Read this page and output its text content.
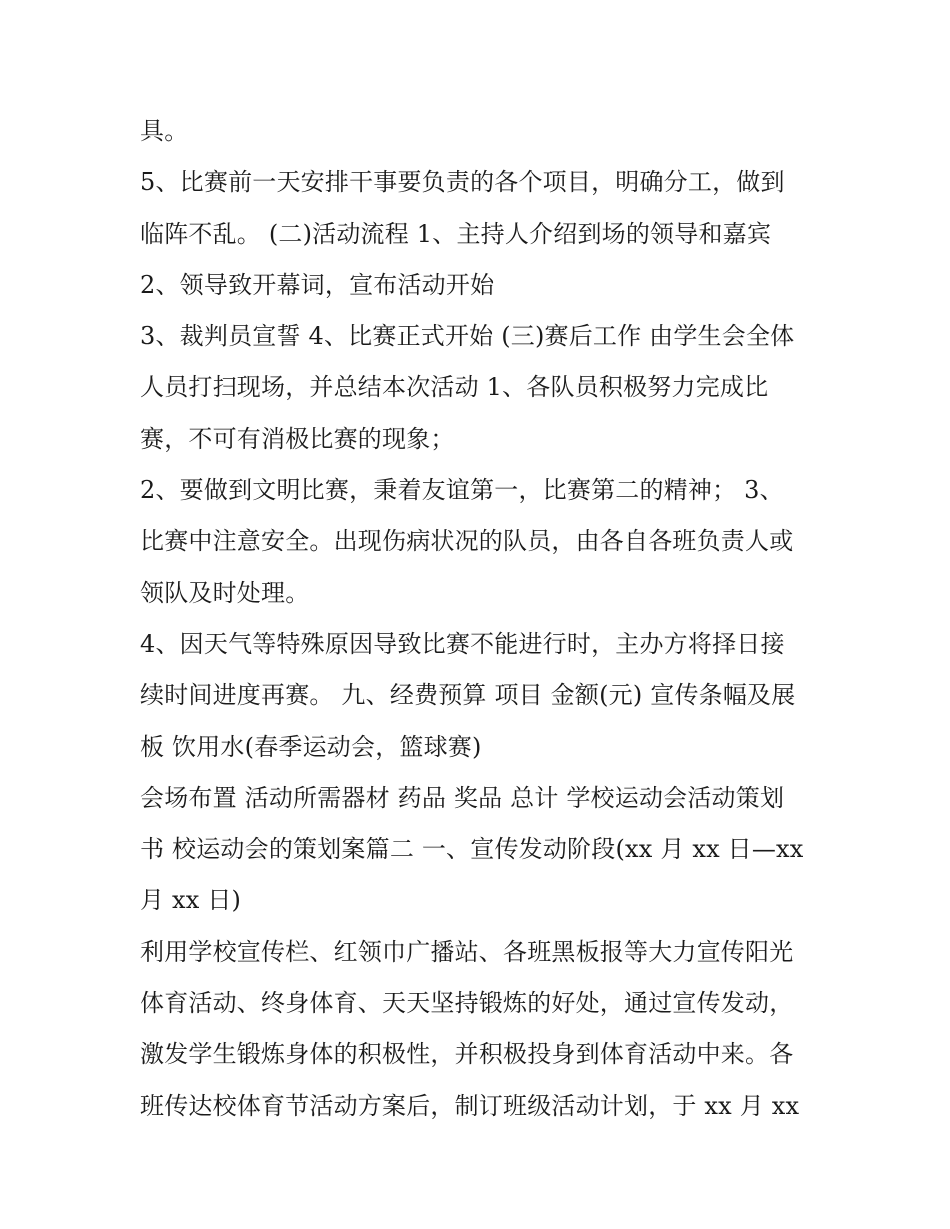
具。
5、比赛前一天安排干事要负责的各个项目，明确分工，做到
临阵不乱。 (二)活动流程 1、主持人介绍到场的领导和嘉宾
2、领导致开幕词，宣布活动开始
3、裁判员宣誓 4、比赛正式开始 (三)赛后工作 由学生会全体
人员打扫现场，并总结本次活动 1、各队员积极努力完成比
赛，不可有消极比赛的现象；
2、要做到文明比赛，秉着友谊第一，比赛第二的精神； 3、
比赛中注意安全。出现伤病状况的队员，由各自各班负责人或
领队及时处理。
4、因天气等特殊原因导致比赛不能进行时，主办方将择日接
续时间进度再赛。 九、经费预算 项目 金额(元) 宣传条幅及展
板 饮用水(春季运动会，篮球赛)
会场布置 活动所需器材 药品 奖品 总计 学校运动会活动策划
书 校运动会的策划案篇二 一、宣传发动阶段(xx 月 xx 日—xx
月 xx 日)
利用学校宣传栏、红领巾广播站、各班黑板报等大力宣传阳光
体育活动、终身体育、天天坚持锻炼的好处，通过宣传发动，
激发学生锻炼身体的积极性，并积极投身到体育活动中来。各
班传达校体育节活动方案后，制订班级活动计划，于 xx 月 xx
